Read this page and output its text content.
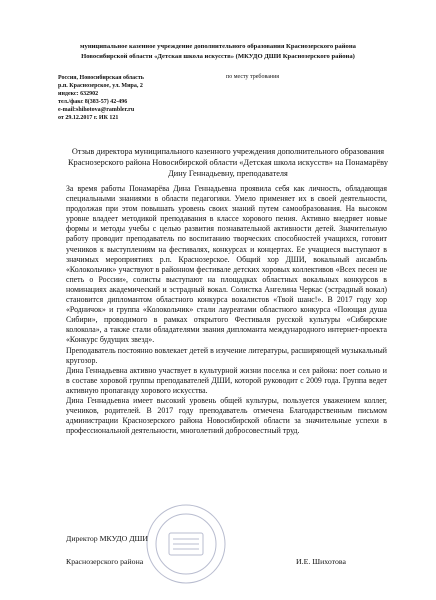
муниципальное казенное учреждение дополнительного образования Краснозерского района
Новосибирской области «Детская школа искусств» (МКУДО ДШИ Краснозерского района)
Россия, Новосибирская область
р.п. Краснозерское, ул. Мира, 2
индекс: 632902
тел./факс 8(383-57) 42-496
e-mail:shihotova@rambler.ru
от 29.12.2017 г. ИК 121
по месту требования
Отзыв директора муниципального казенного учреждения дополнительного образования Краснозерского района Новосибирской области «Детская школа искусств» на Понамарёву Дину Геннадьевну, преподавателя

За время работы Понамарёва Дина Геннадьевна проявила себя как личность, обладающая специальными знаниями в области педагогики. Умело применяет их в своей деятельности, продолжая при этом повышать уровень своих знаний путем самообразования. На высоком уровне владеет методикой преподавания в классе хорового пения. Активно внедряет новые формы и методы учебы с целью развития познавательной активности детей. Значительную работу проводит преподаватель по воспитанию творческих способностей учащихся, готовит учеников к выступлениям на фестивалях, конкурсах и концертах. Ее учащиеся выступают в значимых мероприятиях р.п. Краснозерское. Общий хор ДШИ, вокальный ансамбль «Колокольчик» участвуют в районном фестивале детских хоровых коллективов «Всех песен не спеть о России», солисты выступают на площадках областных вокальных конкурсов в номинациях академический и эстрадный вокал. Солистка Ангелина Черкас (эстрадный вокал) становится дипломантом областного конкурса вокалистов «Твой шанс!». В 2017 году хор «Родничок» и группа «Колокольчик» стали лауреатами областного конкурса «Поющая душа Сибири», проводимого в рамках открытого Фестиваля русской культуры «Сибирские колокола», а также стали обладателями звания дипломанта международного интернет-проекта «Конкурс будущих звезд».

Преподаватель постоянно вовлекает детей в изучение литературы, расширяющей музыкальный кругозор.

Дина Геннадьевна активно участвует в культурной жизни поселка и сел района: поет сольно и в составе хоровой группы преподавателей ДШИ, которой руководит с 2009 года. Группа ведет активную пропаганду хорового искусства.

Дина Геннадьевна имеет высокий уровень общей культуры, пользуется уважением коллег, учеников, родителей. В 2017 году преподаватель отмечена Благодарственным письмом администрации Краснозерского района Новосибирской области за значительные успехи в профессиональной деятельности, многолетний добросовестный труд.

Директор МКУДО ДШИ
Краснозерского района	И.Е. Шихотова
